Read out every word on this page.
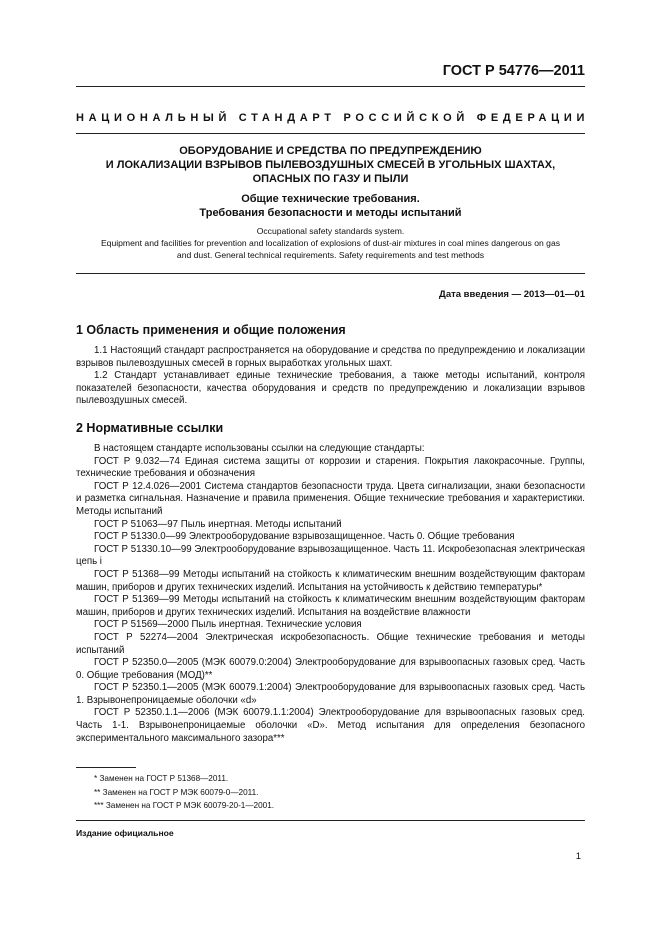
ГОСТ Р 54776—2011
НАЦИОНАЛЬНЫЙ СТАНДАРТ РОССИЙСКОЙ ФЕДЕРАЦИИ
ОБОРУДОВАНИЕ И СРЕДСТВА ПО ПРЕДУПРЕЖДЕНИЮ
И ЛОКАЛИЗАЦИИ ВЗРЫВОВ ПЫЛЕВОЗДУШНЫХ СМЕСЕЙ В УГОЛЬНЫХ ШАХТАХ,
ОПАСНЫХ ПО ГАЗУ И ПЫЛИ
Общие технические требования.
Требования безопасности и методы испытаний
Occupational safety standards system.
Equipment and facilities for prevention and localization of explosions of dust-air mixtures in coal mines dangerous on gas
and dust. General technical requirements. Safety requirements and test methods
Дата введения — 2013—01—01
1 Область применения и общие положения

1.1 Настоящий стандарт распространяется на оборудование и средства по предупреждению и локализации взрывов пылевоздушных смесей в горных выработках угольных шахт.

1.2 Стандарт устанавливает единые технические требования, а также методы испытаний, контроля показателей безопасности, качества оборудования и средств по предупреждению и локализации взрывов пылевоздушных смесей.

2 Нормативные ссылки

В настоящем стандарте использованы ссылки на следующие стандарты:

ГОСТ Р 9.032—74 Единая система защиты от коррозии и старения. Покрытия лакокрасочные. Группы, технические требования и обозначения

ГОСТ Р 12.4.026—2001 Система стандартов безопасности труда. Цвета сигнализации, знаки безопасности и разметка сигнальная. Назначение и правила применения. Общие технические требования и характеристики. Методы испытаний

ГОСТ Р 51063—97 Пыль инертная. Методы испытаний

ГОСТ Р 51330.0—99 Электрооборудование взрывозащищенное. Часть 0. Общие требования

ГОСТ Р 51330.10—99 Электрооборудование взрывозащищенное. Часть 11. Искробезопасная электрическая цепь i

ГОСТ Р 51368—99 Методы испытаний на стойкость к климатическим внешним воздействующим факторам машин, приборов и других технических изделий. Испытания на устойчивость к действию температуры*

ГОСТ Р 51369—99 Методы испытаний на стойкость к климатическим внешним воздействующим факторам машин, приборов и других технических изделий. Испытания на воздействие влажности

ГОСТ Р 51569—2000 Пыль инертная. Технические условия

ГОСТ Р 52274—2004 Электрическая искробезопасность. Общие технические требования и методы испытаний

ГОСТ Р 52350.0—2005 (МЭК 60079.0:2004) Электрооборудование для взрывоопасных газовых сред. Часть 0. Общие требования (МОД)**

ГОСТ Р 52350.1—2005 (МЭК 60079.1:2004) Электрооборудование для взрывоопасных газовых сред. Часть 1. Взрывонепроницаемые оболочки «d»

ГОСТ Р 52350.1.1—2006 (МЭК 60079.1.1:2004) Электрооборудование для взрывоопасных газовых сред. Часть 1-1. Взрывонепроницаемые оболочки «D». Метод испытания для определения безопасного экспериментального максимального зазора***

* Заменен на ГОСТ Р 51368—2011.
** Заменен на ГОСТ Р МЭК 60079-0—2011.
*** Заменен на ГОСТ Р МЭК 60079-20-1—2001.
Издание официальное
1
